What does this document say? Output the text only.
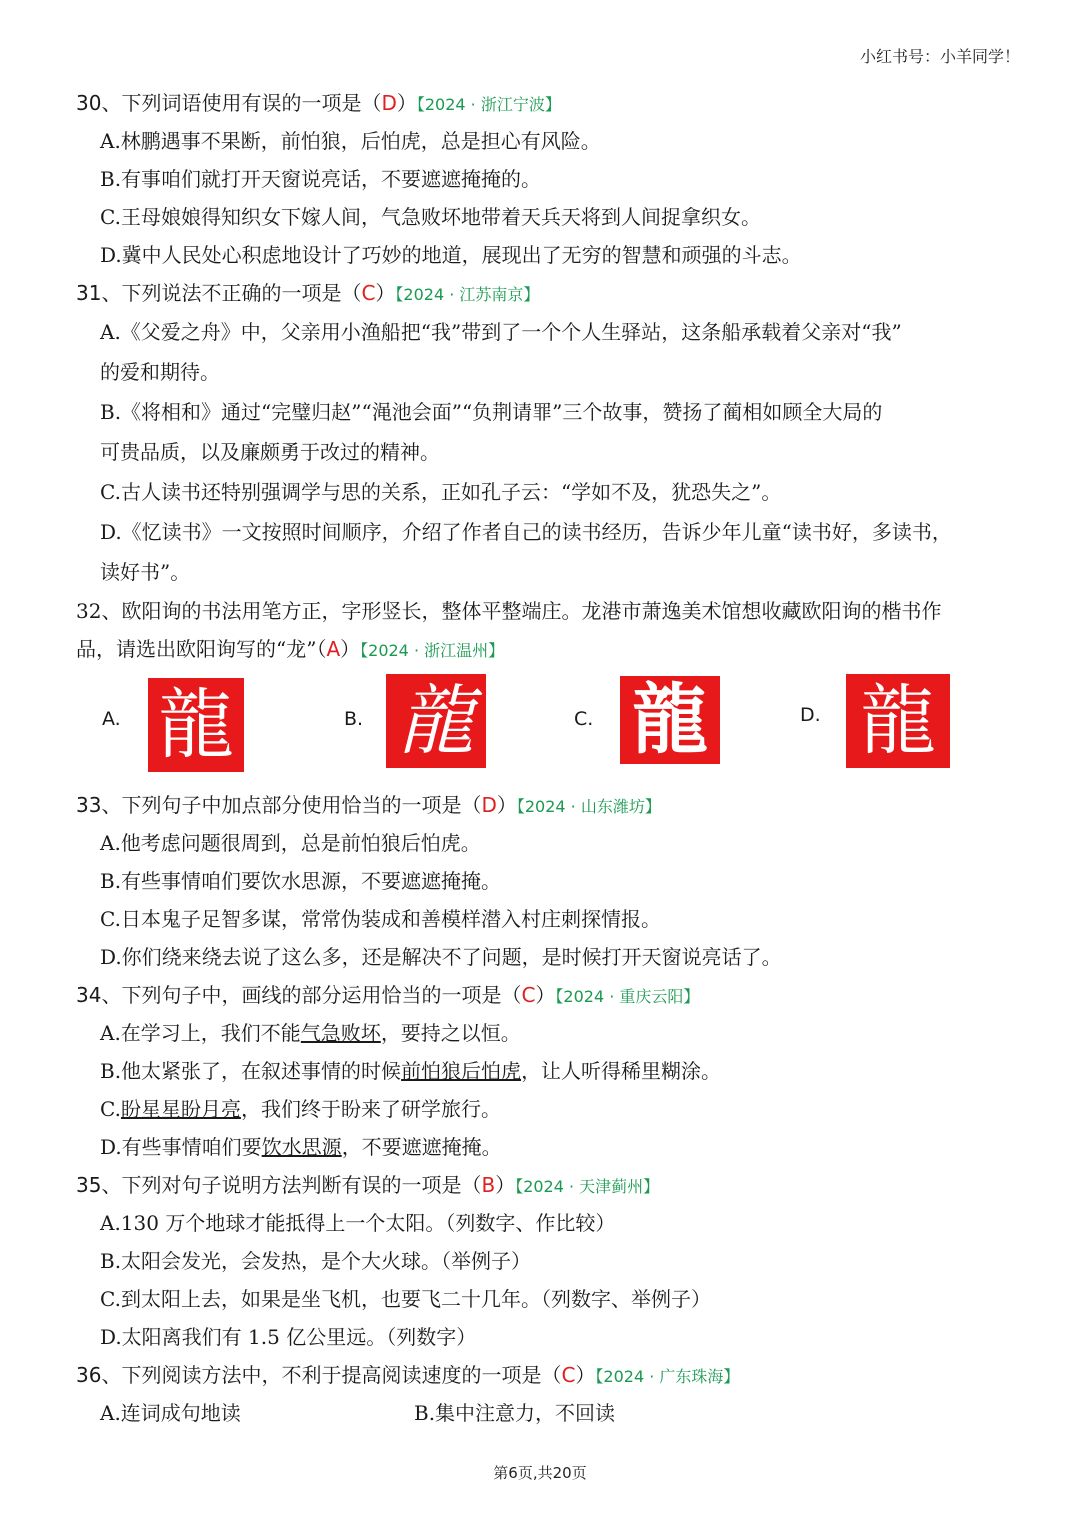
小红书号：小羊同学！
30、下列词语使用有误的一项是（D）【2024 · 浙江宁波】
A.林鹏遇事不果断，前怕狼，后怕虎，总是担心有风险。
B.有事咱们就打开天窗说亮话，不要遮遮掩掩的。
C.王母娘娘得知织女下嫁人间，气急败坏地带着天兵天将到人间捉拿织女。
D.冀中人民处心积虑地设计了巧妙的地道，展现出了无穷的智慧和顽强的斗志。
31、下列说法不正确的一项是（C）【2024 · 江苏南京】
A.《父爱之舟》中，父亲用小渔船把“我”带到了一个个人生驿站，这条船承载着父亲对“我”
的爱和期待。
B.《将相和》通过“完璧归赵”“渑池会面”“负荆请罪”三个故事，赞扬了蔺相如顾全大局的
可贵品质，以及廉颇勇于改过的精神。
C.古人读书还特别强调学与思的关系，正如孔子云：“学如不及，犹恐失之”。
D.《忆读书》一文按照时间顺序，介绍了作者自己的读书经历，告诉少年儿童“读书好，多读书，
读好书”。
32、欧阳询的书法用笔方正，字形竖长，整体平整端庄。龙港市萧逸美术馆想收藏欧阳询的楷书作
品，请选出欧阳询写的“龙”（A）【2024 · 浙江温州】
A. 龍	B. 龍	C. 龍	D. 龍
33、下列句子中加点部分使用恰当的一项是（D）【2024 · 山东潍坊】
A.他考虑问题很周到，总是前怕狼后怕虎。
B.有些事情咱们要饮水思源，不要遮遮掩掩。
C.日本鬼子足智多谋，常常伪装成和善模样潜入村庄刺探情报。
D.你们绕来绕去说了这么多，还是解决不了问题，是时候打开天窗说亮话了。
34、下列句子中，画线的部分运用恰当的一项是（C）【2024 · 重庆云阳】
A.在学习上，我们不能气急败坏，要持之以恒。
B.他太紧张了，在叙述事情的时候前怕狼后怕虎，让人听得稀里糊涂。
C.盼星星盼月亮，我们终于盼来了研学旅行。
D.有些事情咱们要饮水思源，不要遮遮掩掩。
35、下列对句子说明方法判断有误的一项是（B）【2024 · 天津蓟州】
A.130 万个地球才能抵得上一个太阳。（列数字、作比较）
B.太阳会发光，会发热，是个大火球。（举例子）
C.到太阳上去，如果是坐飞机，也要飞二十几年。（列数字、举例子）
D.太阳离我们有 1.5 亿公里远。（列数字）
36、下列阅读方法中，不利于提高阅读速度的一项是（C）【2024 · 广东珠海】
A.连词成句地读	B.集中注意力，不回读
第6页,共20页
